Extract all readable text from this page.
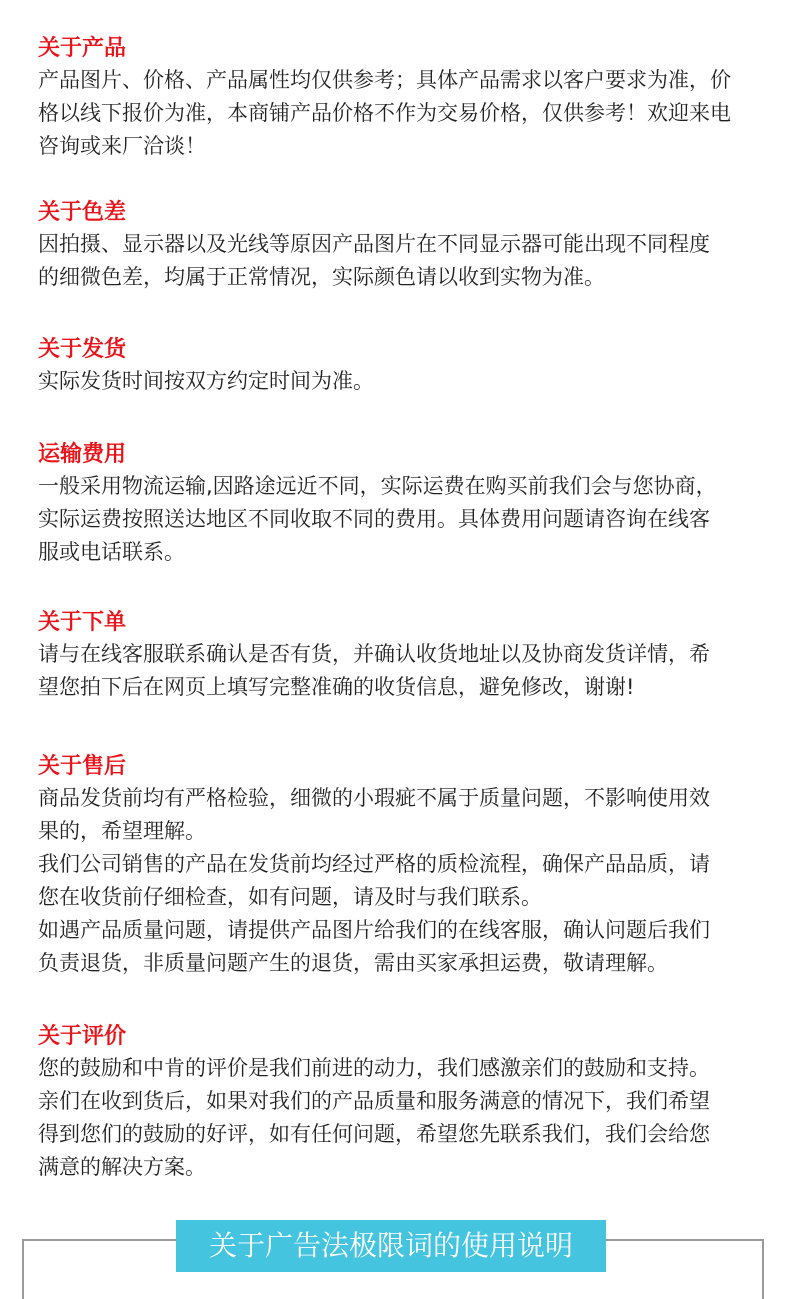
关于产品

产品图片、价格、产品属性均仅供参考；具体产品需求以客户要求为准，价
格以线下报价为准，本商铺产品价格不作为交易价格，仅供参考！欢迎来电
咨询或来厂洽谈！

关于色差

因拍摄、显示器以及光线等原因产品图片在不同显示器可能出现不同程度
的细微色差，均属于正常情况，实际颜色请以收到实物为准。

关于发货

实际发货时间按双方约定时间为准。

运输费用

一般采用物流运输,因路途远近不同，实际运费在购买前我们会与您协商，
实际运费按照送达地区不同收取不同的费用。具体费用问题请咨询在线客
服或电话联系。

关于下单

请与在线客服联系确认是否有货，并确认收货地址以及协商发货详情，希
望您拍下后在网页上填写完整准确的收货信息，避免修改，谢谢!

关于售后

商品发货前均有严格检验，细微的小瑕疵不属于质量问题，不影响使用效
果的，希望理解。
我们公司销售的产品在发货前均经过严格的质检流程，确保产品品质，请
您在收货前仔细检查，如有问题，请及时与我们联系。
如遇产品质量问题，请提供产品图片给我们的在线客服，确认问题后我们
负责退货，非质量问题产生的退货，需由买家承担运费，敬请理解。

关于评价

您的鼓励和中肯的评价是我们前进的动力，我们感激亲们的鼓励和支持。
亲们在收到货后，如果对我们的产品质量和服务满意的情况下，我们希望
得到您们的鼓励的好评，如有任何问题，希望您先联系我们，我们会给您
满意的解决方案。

关于广告法极限词的使用说明
